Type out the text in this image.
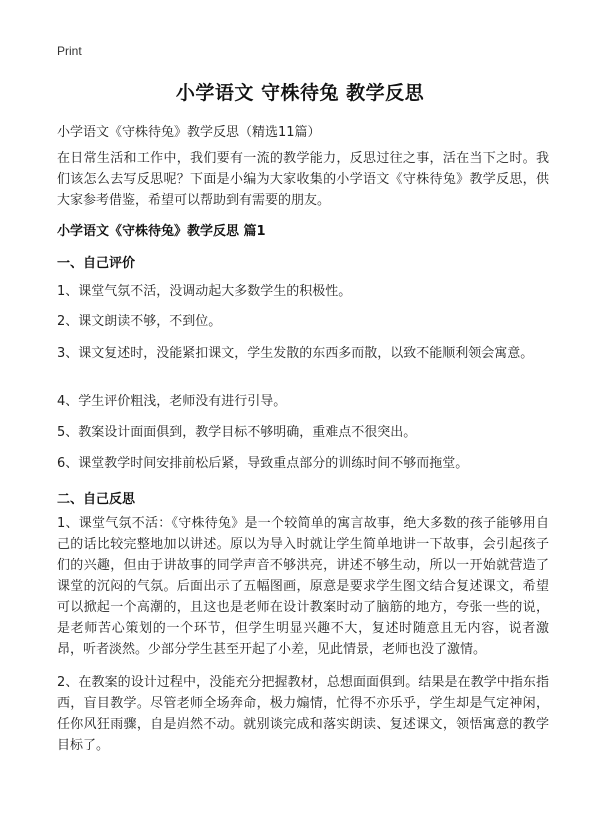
Print
小学语文 守株待兔 教学反思
小学语文《守株待兔》教学反思（精选11篇）

在日常生活和工作中，我们要有一流的教学能力，反思过往之事，活在当下之时。我们该怎么去写反思呢？下面是小编为大家收集的小学语文《守株待兔》教学反思，供大家参考借鉴，希望可以帮助到有需要的朋友。

小学语文《守株待兔》教学反思 篇1
一、自己评价

1、课堂气氛不活，没调动起大多数学生的积极性。

2、课文朗读不够，不到位。

3、课文复述时，没能紧扣课文，学生发散的东西多而散，以致不能顺利领会寓意。

4、学生评价粗浅，老师没有进行引导。

5、教案设计面面俱到，教学目标不够明确，重难点不很突出。

6、课堂教学时间安排前松后紧，导致重点部分的训练时间不够而拖堂。

二、自己反思

1、课堂气氛不活：《守株待兔》是一个较简单的寓言故事，绝大多数的孩子能够用自己的话比较完整地加以讲述。原以为导入时就让学生简单地讲一下故事，会引起孩子们的兴趣，但由于讲故事的同学声音不够洪亮，讲述不够生动，所以一开始就营造了课堂的沉闷的气氛。后面出示了五幅图画，原意是要求学生图文结合复述课文，希望可以掀起一个高潮的，且这也是老师在设计教案时动了脑筋的地方，夸张一些的说，是老师苦心策划的一个环节，但学生明显兴趣不大，复述时随意且无内容，说者激昂，听者淡然。少部分学生甚至开起了小差，见此情景，老师也没了激情。

2、在教案的设计过程中，没能充分把握教材，总想面面俱到。结果是在教学中指东指西，盲目教学。尽管老师全场奔命，极力煽情，忙得不亦乐乎，学生却是气定神闲，任你风狂雨骤，自是岿然不动。就别谈完成和落实朗读、复述课文，领悟寓意的教学目标了。
